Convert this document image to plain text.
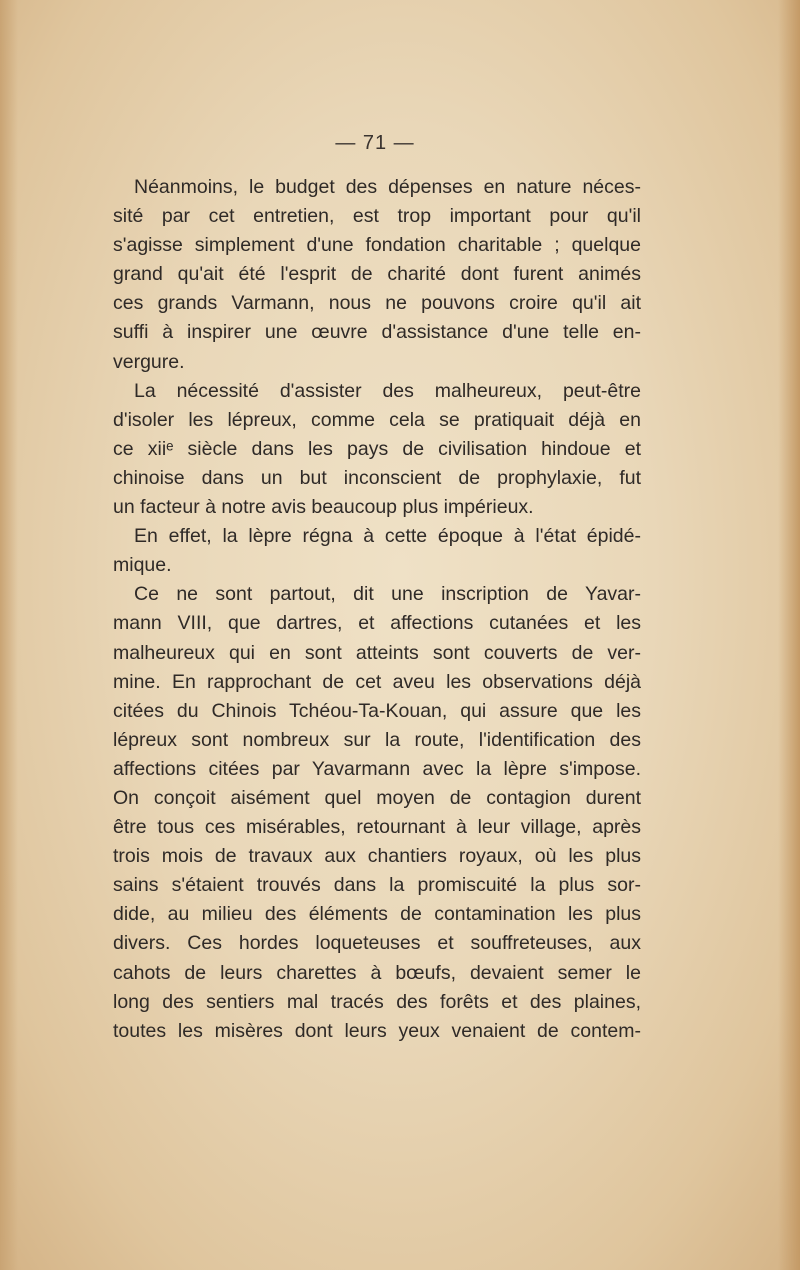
— 71 —

Néanmoins, le budget des dépenses en nature néces-
sité par cet entretien, est trop important pour qu'il
s'agisse simplement d'une fondation charitable ; quelque
grand qu'ait été l'esprit de charité dont furent animés
ces grands Varmann, nous ne pouvons croire qu'il ait
suffi à inspirer une œuvre d'assistance d'une telle en-
vergure.

La nécessité d'assister des malheureux, peut-être
d'isoler les lépreux, comme cela se pratiquait déjà en
ce xiiᵉ siècle dans les pays de civilisation hindoue et
chinoise dans un but inconscient de prophylaxie, fut
un facteur à notre avis beaucoup plus impérieux.

En effet, la lèpre régna à cette époque à l'état épidé-
mique.

Ce ne sont partout, dit une inscription de Yavar-
mann VIII, que dartres, et affections cutanées et les
malheureux qui en sont atteints sont couverts de ver-
mine. En rapprochant de cet aveu les observations déjà
citées du Chinois Tchéou-Ta-Kouan, qui assure que les
lépreux sont nombreux sur la route, l'identification des
affections citées par Yavarmann avec la lèpre s'impose.
On conçoit aisément quel moyen de contagion durent
être tous ces misérables, retournant à leur village, après
trois mois de travaux aux chantiers royaux, où les plus
sains s'étaient trouvés dans la promiscuité la plus sor-
dide, au milieu des éléments de contamination les plus
divers. Ces hordes loqueteuses et souffreteuses, aux
cahots de leurs charettes à bœufs, devaient semer le
long des sentiers mal tracés des forêts et des plaines,
toutes les misères dont leurs yeux venaient de contem-
